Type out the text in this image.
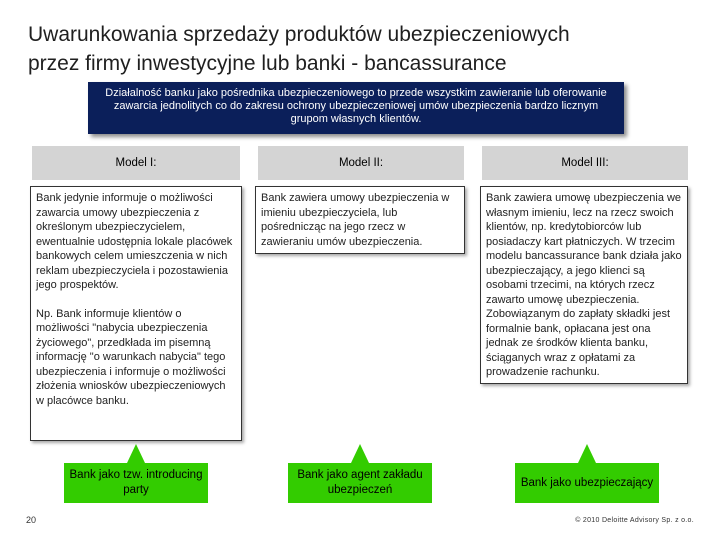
Uwarunkowania sprzedaży produktów ubezpieczeniowych
przez firmy inwestycyjne lub banki - bancassurance
Działalność banku jako pośrednika ubezpieczeniowego to przede wszystkim zawieranie lub oferowanie zawarcia jednolitych co do zakresu ochrony ubezpieczeniowej umów ubezpieczenia bardzo licznym grupom własnych klientów.
Model I:	Model II:	Model III:

Bank jedynie informuje o możliwości zawarcia umowy ubezpieczenia z określonym ubezpieczycielem, ewentualnie udostępnia lokale placówek bankowych celem umieszczenia w nich reklam ubezpieczyciela i pozostawienia jego prospektów.

Np. Bank informuje klientów o możliwości "nabycia ubezpieczenia życiowego", przedkłada im pisemną informację "o warunkach nabycia" tego ubezpieczenia i informuje o możliwości złożenia wniosków ubezpieczeniowych w placówce banku.

Bank zawiera umowy ubezpieczenia w imieniu ubezpieczyciela, lub pośrednicząc na jego rzecz w zawieraniu umów ubezpieczenia.

Bank zawiera umowę ubezpieczenia we własnym imieniu, lecz na rzecz swoich klientów, np. kredytobiorców lub posiadaczy kart płatniczych. W trzecim modelu bancassurance bank działa jako ubezpieczający, a jego klienci są osobami trzecimi, na których rzecz zawarto umowę ubezpieczenia. Zobowiązanym do zapłaty składki jest formalnie bank, opłacana jest ona jednak ze środków klienta banku, ściąganych wraz z opłatami za prowadzenie rachunku.

Bank jako tzw. introducing party
Bank jako agent zakładu ubezpieczeń
Bank jako ubezpieczający
20	© 2010 Deloitte Advisory Sp. z o.o.
